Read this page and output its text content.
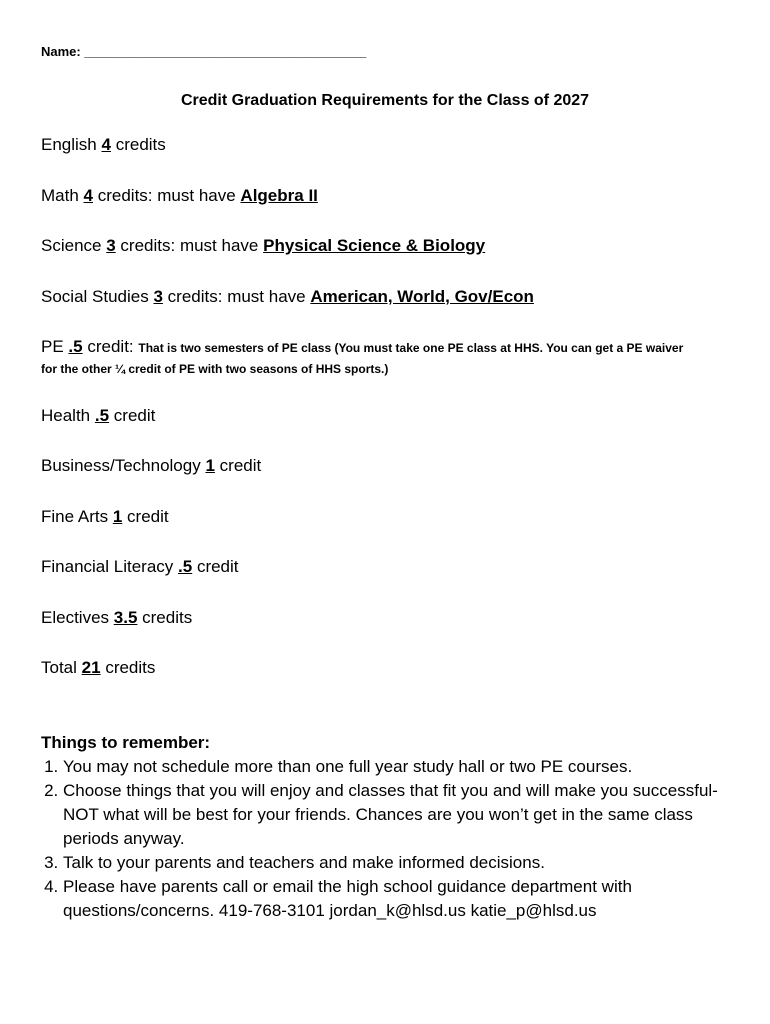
Name: _______________________________________
Credit Graduation Requirements for the Class of 2027
English 4 credits
Math 4 credits: must have Algebra II
Science 3 credits: must have Physical Science & Biology
Social Studies 3 credits: must have American, World, Gov/Econ
PE .5 credit: That is two semesters of PE class (You must take one PE class at HHS. You can get a PE waiver
for the other ¼ credit of PE with two seasons of HHS sports.)
Health .5 credit
Business/Technology 1 credit
Fine Arts 1 credit
Financial Literacy .5 credit
Electives 3.5 credits
Total 21 credits
Things to remember:
1. You may not schedule more than one full year study hall or two PE courses.
2. Choose things that you will enjoy and classes that fit you and will make you successful- NOT what will be best for your friends. Chances are you won’t get in the same class periods anyway.
3. Talk to your parents and teachers and make informed decisions.
4. Please have parents call or email the high school guidance department with questions/concerns. 419-768-3101 jordan_k@hlsd.us katie_p@hlsd.us
